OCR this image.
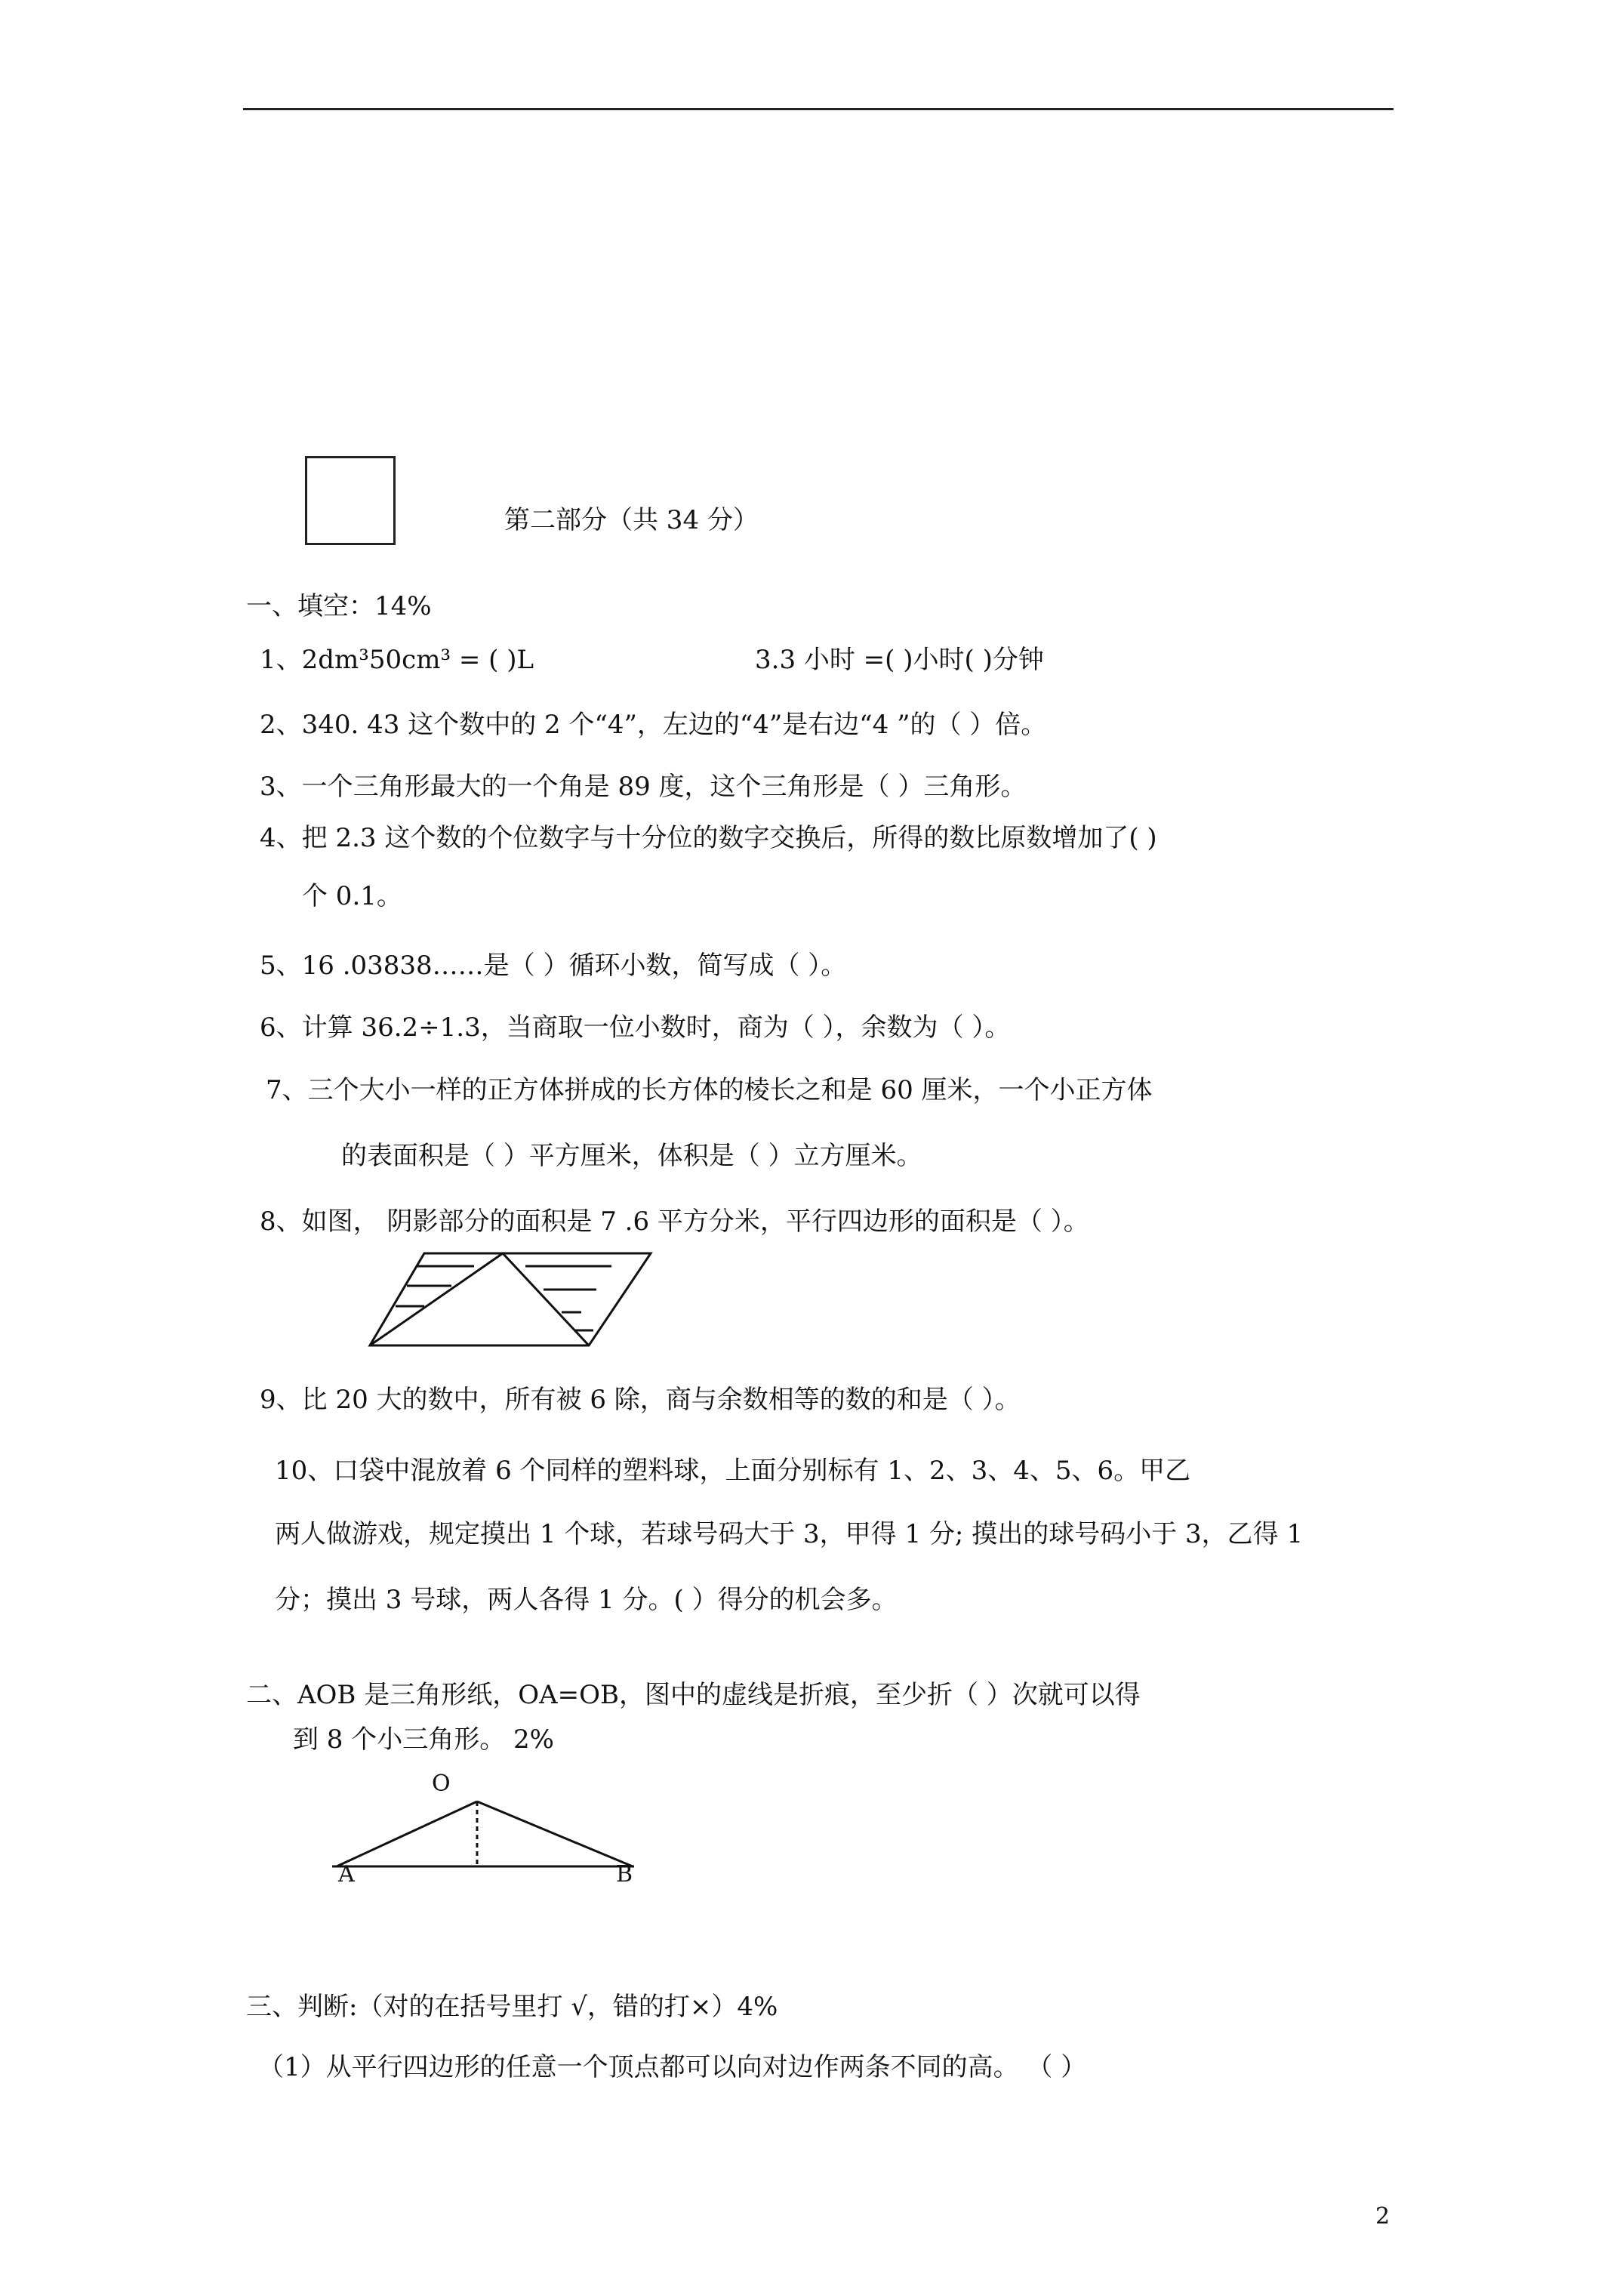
第二部分（共 34 分）
一、填空：14%
1、2dm³50cm³ = ( )L	3.3 小时 =( )小时( )分钟
2、340. 43 这个数中的 2 个“4”，左边的“4”是右边“4 ”的（ ）倍。
3、一个三角形最大的一个角是 89 度，这个三角形是（ ）三角形。
4、把 2.3 这个数的个位数字与十分位的数字交换后，所得的数比原数增加了( )
个 0.1。
5、16 .03838……是（ ）循环小数，简写成（ ）。
6、计算 36.2÷1.3，当商取一位小数时，商为（ ），余数为（ ）。
7、三个大小一样的正方体拼成的长方体的棱长之和是 60 厘米，一个小正方体
的表面积是（ ）平方厘米，体积是（ ）立方厘米。
8、如图， 阴影部分的面积是 7 .6 平方分米，平行四边形的面积是（ ）。
9、比 20 大的数中，所有被 6 除，商与余数相等的数的和是（ ）。
10、口袋中混放着 6 个同样的塑料球，上面分别标有 1、2、3、4、5、6。甲乙
两人做游戏，规定摸出 1 个球，若球号码大于 3，甲得 1 分; 摸出的球号码小于 3，乙得 1
分；摸出 3 号球，两人各得 1 分。( ）得分的机会多。
二、AOB 是三角形纸，OA=OB，图中的虚线是折痕，至少折（ ）次就可以得
到 8 个小三角形。 2%
O
A	B
三、判断:（对的在括号里打 √，错的打×）4%
（1）从平行四边形的任意一个顶点都可以向对边作两条不同的高。 （ ）
2
